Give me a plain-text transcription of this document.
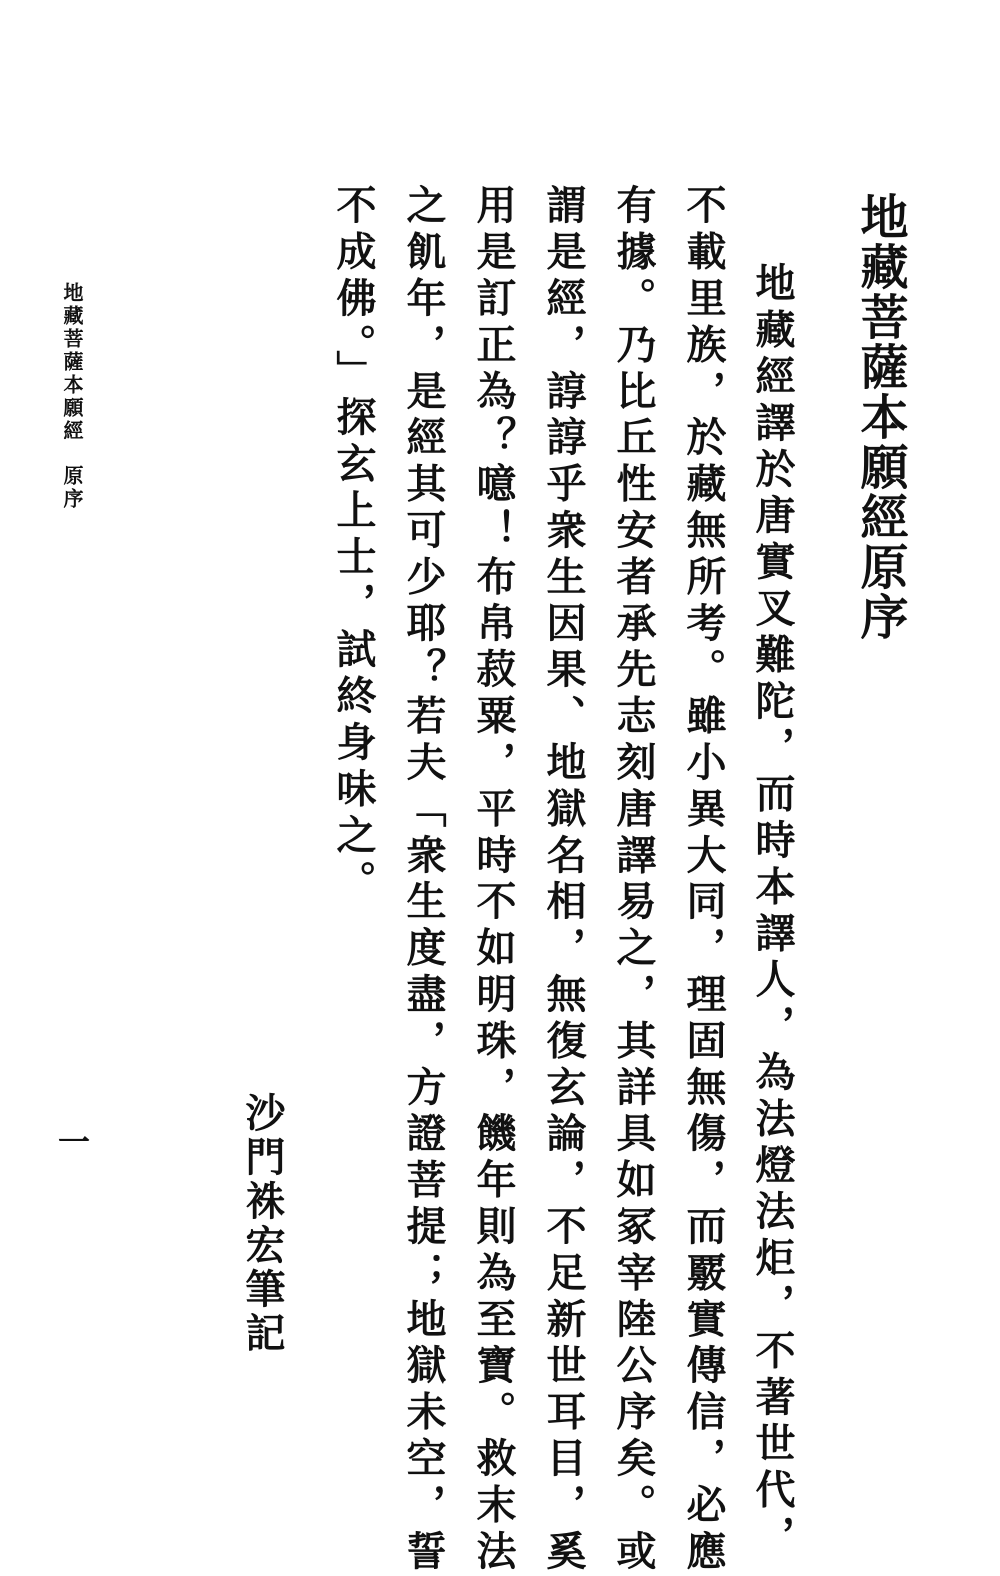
地藏菩薩本願經原序
地藏經譯於唐實叉難陀，而時本譯人，為法燈法炬，不著世代，
不載里族，於藏無所考。雖小異大同，理固無傷，而覈實傳信，必應
有據。乃比丘性安者承先志刻唐譯易之，其詳具如冢宰陸公序矣。或
謂是經，諄諄乎衆生因果、地獄名相，無復玄論，不足新世耳目，奚
用是訂正為？噫！布帛菽粟，平時不如明珠，饑年則為至寶。救末法
之飢年，是經其可少耶？若夫「衆生度盡，方證菩提；地獄未空，誓
不成佛。」探玄上士，試終身味之。
沙門袾宏筆記
地藏菩薩本願經原序
一
